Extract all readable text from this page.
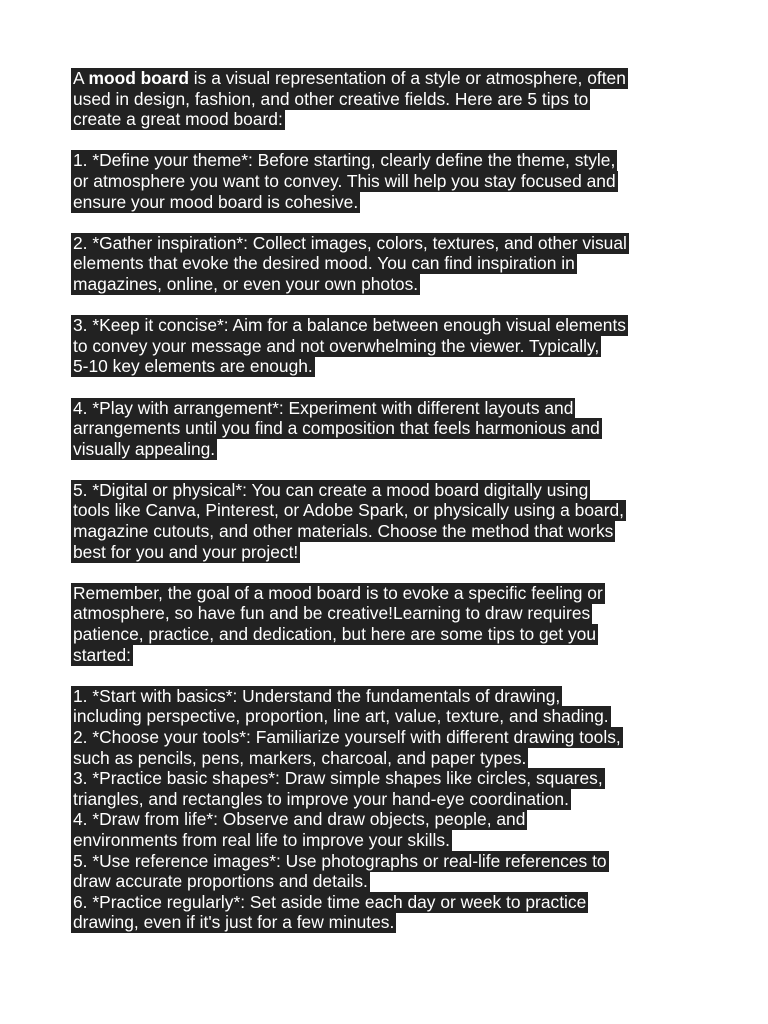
A mood board is a visual representation of a style or atmosphere, often
used in design, fashion, and other creative fields. Here are 5 tips to
create a great mood board:
1. *Define your theme*: Before starting, clearly define the theme, style,
or atmosphere you want to convey. This will help you stay focused and
ensure your mood board is cohesive.
2. *Gather inspiration*: Collect images, colors, textures, and other visual
elements that evoke the desired mood. You can find inspiration in
magazines, online, or even your own photos.
3. *Keep it concise*: Aim for a balance between enough visual elements
to convey your message and not overwhelming the viewer. Typically,
5-10 key elements are enough.
4. *Play with arrangement*: Experiment with different layouts and
arrangements until you find a composition that feels harmonious and
visually appealing.
5. *Digital or physical*: You can create a mood board digitally using
tools like Canva, Pinterest, or Adobe Spark, or physically using a board,
magazine cutouts, and other materials. Choose the method that works
best for you and your project!
Remember, the goal of a mood board is to evoke a specific feeling or
atmosphere, so have fun and be creative!Learning to draw requires
patience, practice, and dedication, but here are some tips to get you
started:
1. *Start with basics*: Understand the fundamentals of drawing,
including perspective, proportion, line art, value, texture, and shading.
2. *Choose your tools*: Familiarize yourself with different drawing tools,
such as pencils, pens, markers, charcoal, and paper types.
3. *Practice basic shapes*: Draw simple shapes like circles, squares,
triangles, and rectangles to improve your hand-eye coordination.
4. *Draw from life*: Observe and draw objects, people, and
environments from real life to improve your skills.
5. *Use reference images*: Use photographs or real-life references to
draw accurate proportions and details.
6. *Practice regularly*: Set aside time each day or week to practice
drawing, even if it's just for a few minutes.
